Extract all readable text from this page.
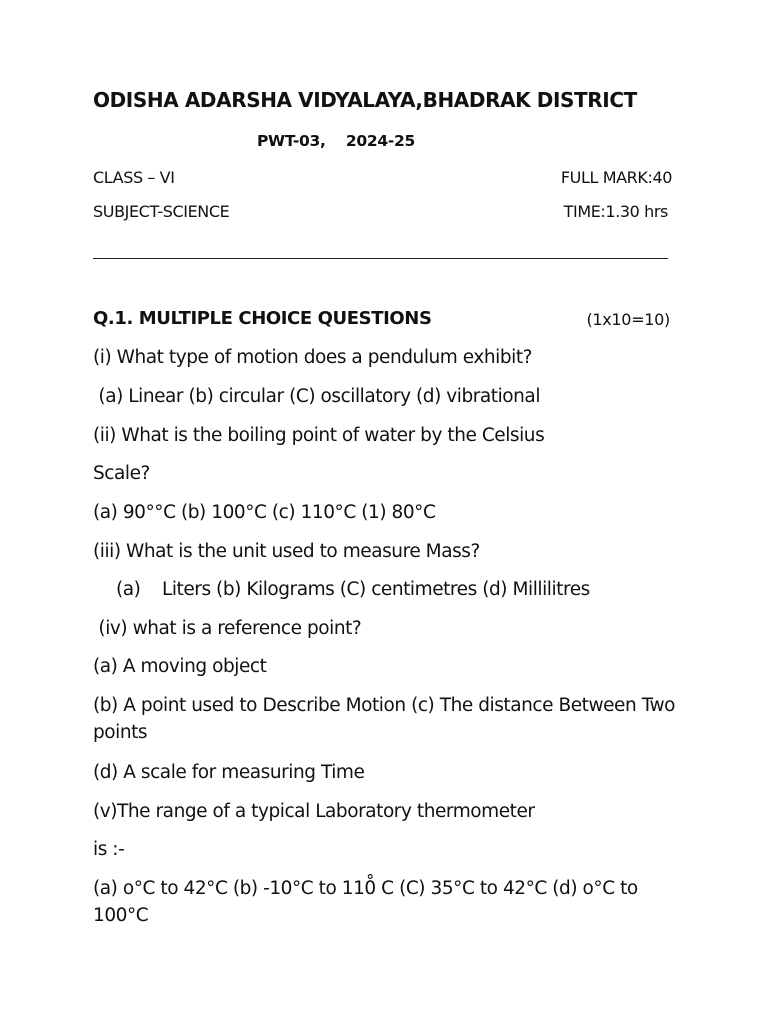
ODISHA ADARSHA VIDYALAYA,BHADRAK DISTRICT
PWT-03,    2024-25
CLASS – VI	FULL MARK:40
SUBJECT-SCIENCE	TIME:1.30 hrs
Q.1. MULTIPLE CHOICE QUESTIONS	(1x10=10)
(i) What type of motion does a pendulum exhibit?
(a) Linear (b) circular (C) oscillatory (d) vibrational
(ii) What is the boiling point of water by the Celsius
Scale?
(a) 90°°C (b) 100°C (c) 110°C (1) 80°C
(iii) What is the unit used to measure Mass?
(a) Liters (b) Kilograms (C) centimetres (d) Millilitres
(iv) what is a reference point?
(a) A moving object
(b) A point used to Describe Motion (c) The distance Between Two points
(d) A scale for measuring Time
(v)The range of a typical Laboratory thermometer
is :-
(a) o°C to 42°C (b) -10°C to 110̊ C (C) 35°C to 42°C (d) o°C to 100°C
